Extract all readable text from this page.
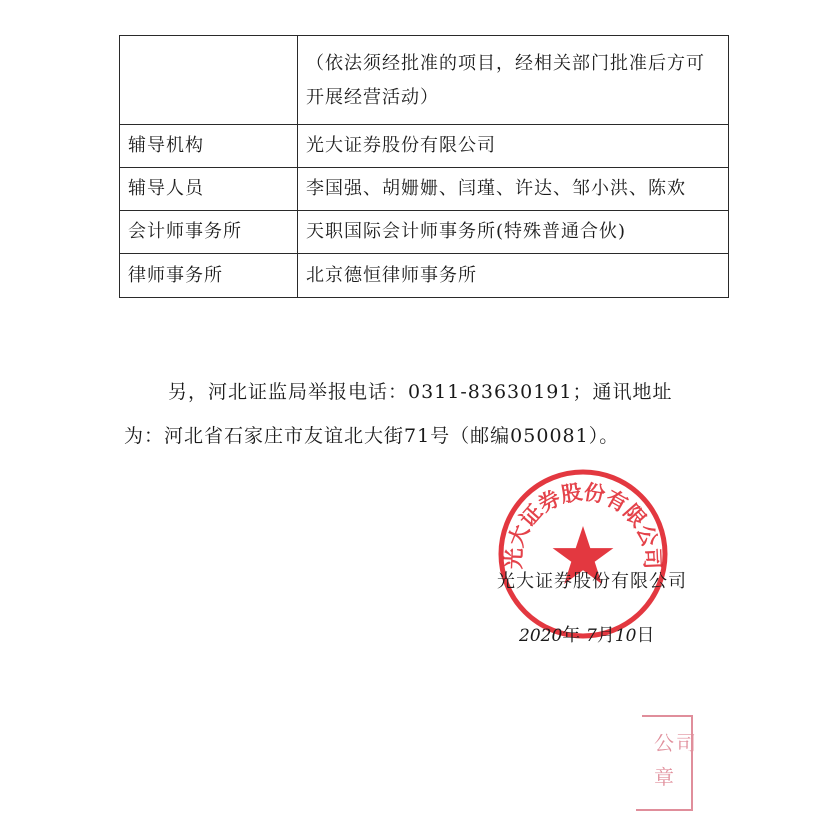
	（依法须经批准的项目，经相关部门批准后方可开展经营活动）
辅导机构	光大证券股份有限公司
辅导人员	李国强、胡姗姗、闫瑾、许达、邹小洪、陈欢
会计师事务所	天职国际会计师事务所(特殊普通合伙)
律师事务所	北京德恒律师事务所
另，河北证监局举报电话：0311-83630191；通讯地址
为：河北省石家庄市友谊北大街71号（邮编050081）。
光大证券股份有限公司
光大证券股份有限公司
2020年 7月10日
公 司
章
